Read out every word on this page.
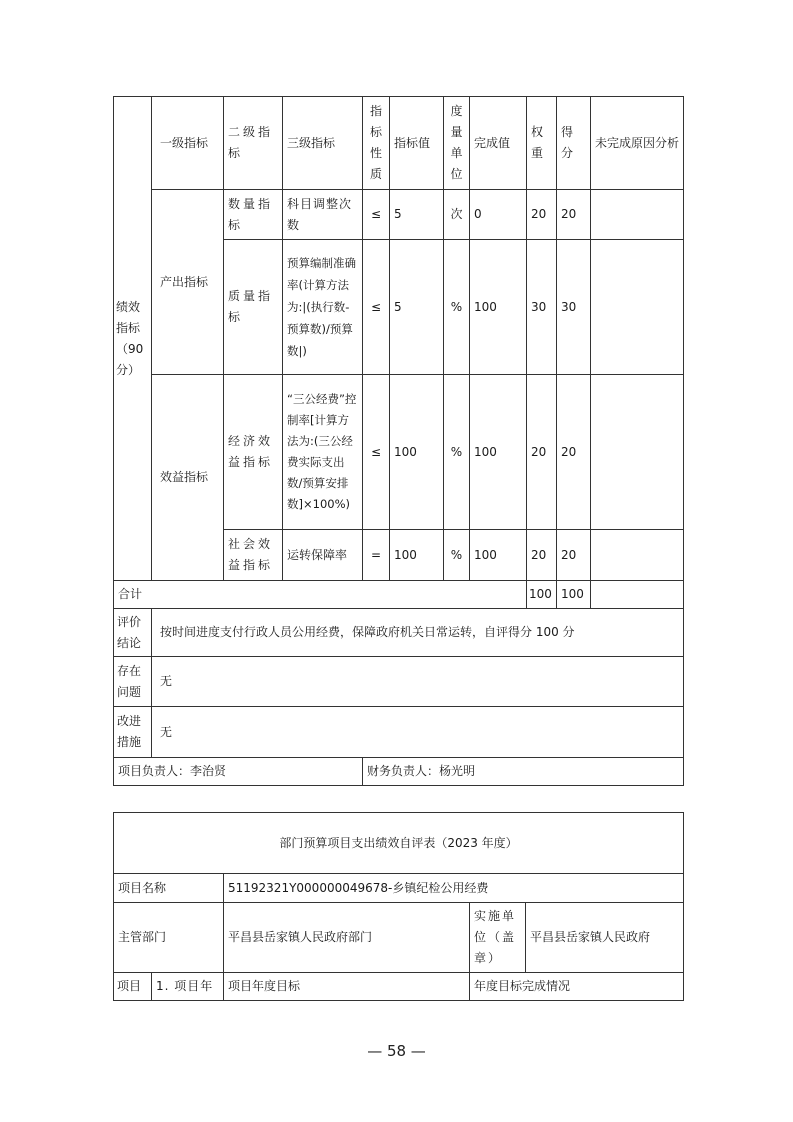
绩效指标（90分）	一级指标	二级指标	三级指标	指标性质	指标值	度量单位	完成值	权重	得分	未完成原因分析
	产出指标	数量指标	科目调整次数	≤	5	次	0	20	20	
		质量指标	预算编制准确率(计算方法为:|(执行数-预算数)/预算数|)	≤	5	%	100	30	30	
	效益指标	经济效益指标	“三公经费”控制率[计算方法为:(三公经费实际支出数/预算安排数]×100%)	≤	100	%	100	20	20	
		社会效益指标	运转保障率	=	100	%	100	20	20	
合计								100	100	
评价结论	按时间进度支付行政人员公用经费，保障政府机关日常运转，自评得分 100 分									
存在问题	无									
改进措施	无									
项目负责人：李治贤				财务负责人：杨光明						
部门预算项目支出绩效自评表（2023 年度）				
项目名称		51192321Y000000049678-乡镇纪检公用经费		
主管部门		平昌县岳家镇人民政府部门	实施单位（盖章）	平昌县岳家镇人民政府
项目	1. 项目年	项目年度目标	年度目标完成情况	
— 58 —
